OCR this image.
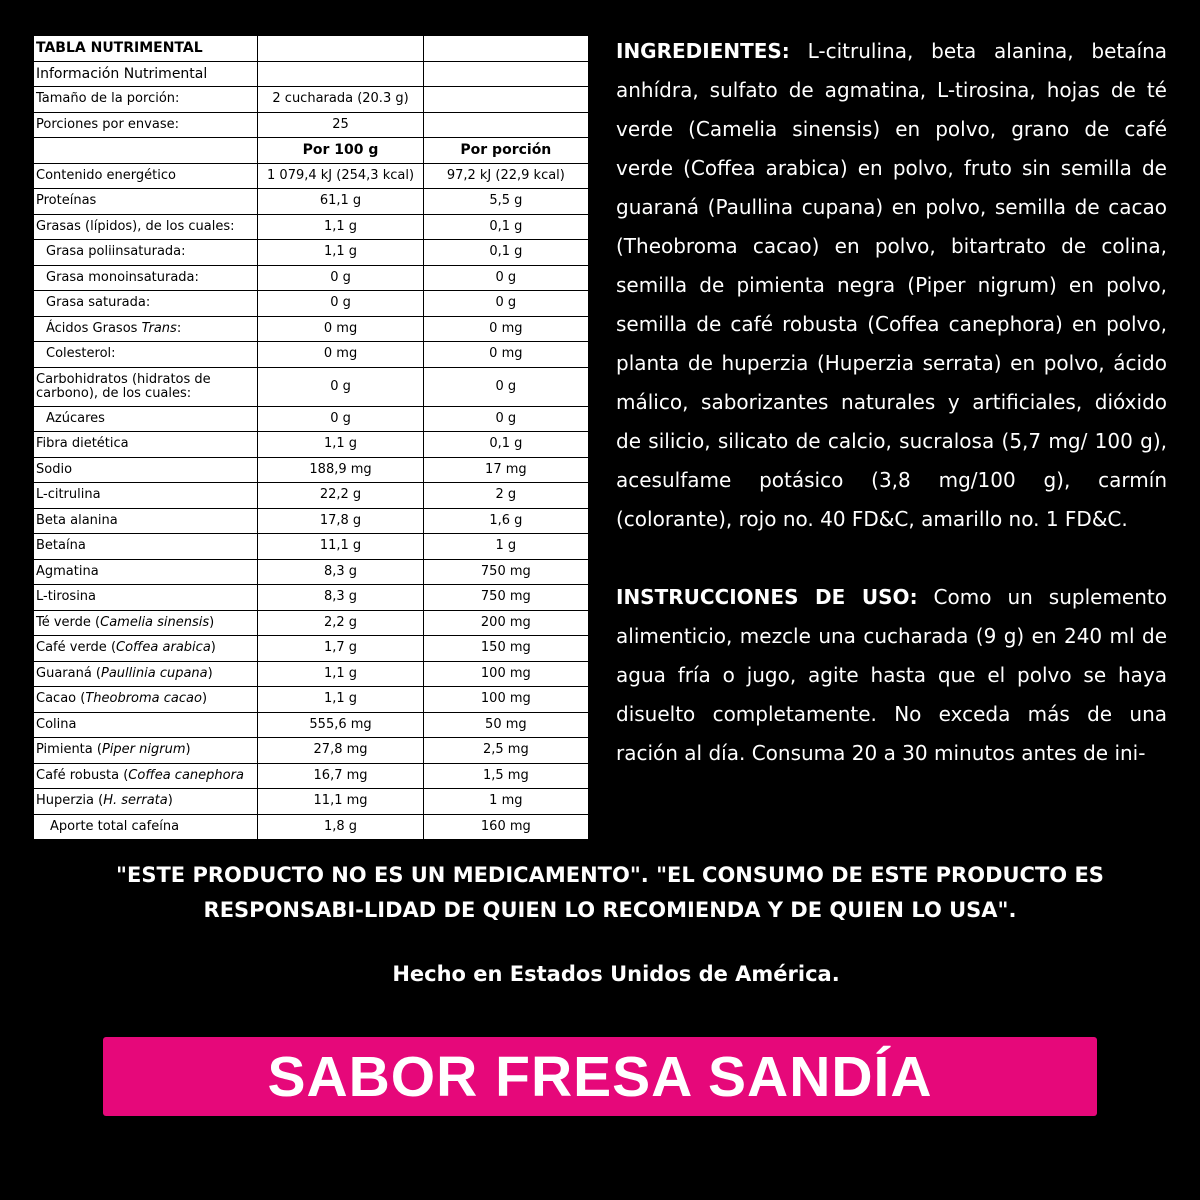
TABLA NUTRIMENTAL		
Información Nutrimental		
Tamaño de la porción:	2 cucharada (20.3 g)	
Porciones por envase:	25	
	Por 100 g	Por porción
Contenido energético	1 079,4 kJ (254,3 kcal)	97,2 kJ (22,9 kcal)
Proteínas	61,1 g	5,5 g
Grasas (lípidos), de los cuales:	1,1 g	0,1 g
Grasa poliinsaturada:	1,1 g	0,1 g
Grasa monoinsaturada:	0 g	0 g
Grasa saturada:	0 g	0 g
Ácidos Grasos Trans:	0 mg	0 mg
Colesterol:	0 mg	0 mg
Carbohidratos (hidratos de carbono), de los cuales:	0 g	0 g
Azúcares	0 g	0 g
Fibra dietética	1,1 g	0,1 g
Sodio	188,9 mg	17 mg
L-citrulina	22,2 g	2 g
Beta alanina	17,8 g	1,6 g
Betaína	11,1 g	1 g
Agmatina	8,3 g	750 mg
L-tirosina	8,3 g	750 mg
Té verde (Camelia sinensis)	2,2 g	200 mg
Café verde (Coffea arabica)	1,7 g	150 mg
Guaraná (Paullinia cupana)	1,1 g	100 mg
Cacao (Theobroma cacao)	1,1 g	100 mg
Colina	555,6 mg	50 mg
Pimienta (Piper nigrum)	27,8 mg	2,5 mg
Café robusta (Coffea canephora	16,7 mg	1,5 mg
Huperzia (H. serrata)	11,1 mg	1 mg
Aporte total cafeína	1,8 g	160 mg

INGREDIENTES: L-citrulina, beta alanina, betaína anhídra, sulfato de agmatina, L-tirosina, hojas de té verde (Camelia sinensis) en polvo, grano de café verde (Coffea arabica) en polvo, fruto sin semilla de guaraná (Paullina cupana) en polvo, semilla de cacao (Theobroma cacao) en polvo, bitartrato de colina, semilla de pimienta negra (Piper nigrum) en polvo, semilla de café robusta (Coffea canephora) en polvo, planta de huperzia (Huperzia serrata) en polvo, ácido málico, saborizantes naturales y artificiales, dióxido de silicio, silicato de calcio, sucralosa (5,7 mg/ 100 g), acesulfame potásico (3,8 mg/100 g), carmín (colorante), rojo no. 40 FD&C, amarillo no. 1 FD&C.

INSTRUCCIONES DE USO: Como un suplemento alimenticio, mezcle una cucharada (9 g) en 240 ml de agua fría o jugo, agite hasta que el polvo se haya disuelto completamente. No exceda más de una ración al día. Consuma 20 a 30 minutos antes de ini-

"ESTE PRODUCTO NO ES UN MEDICAMENTO". "EL CONSUMO DE ESTE PRODUCTO ES RESPONSABI-LIDAD DE QUIEN LO RECOMIENDA Y DE QUIEN LO USA".
Hecho en Estados Unidos de América.
SABOR FRESA SANDÍA
